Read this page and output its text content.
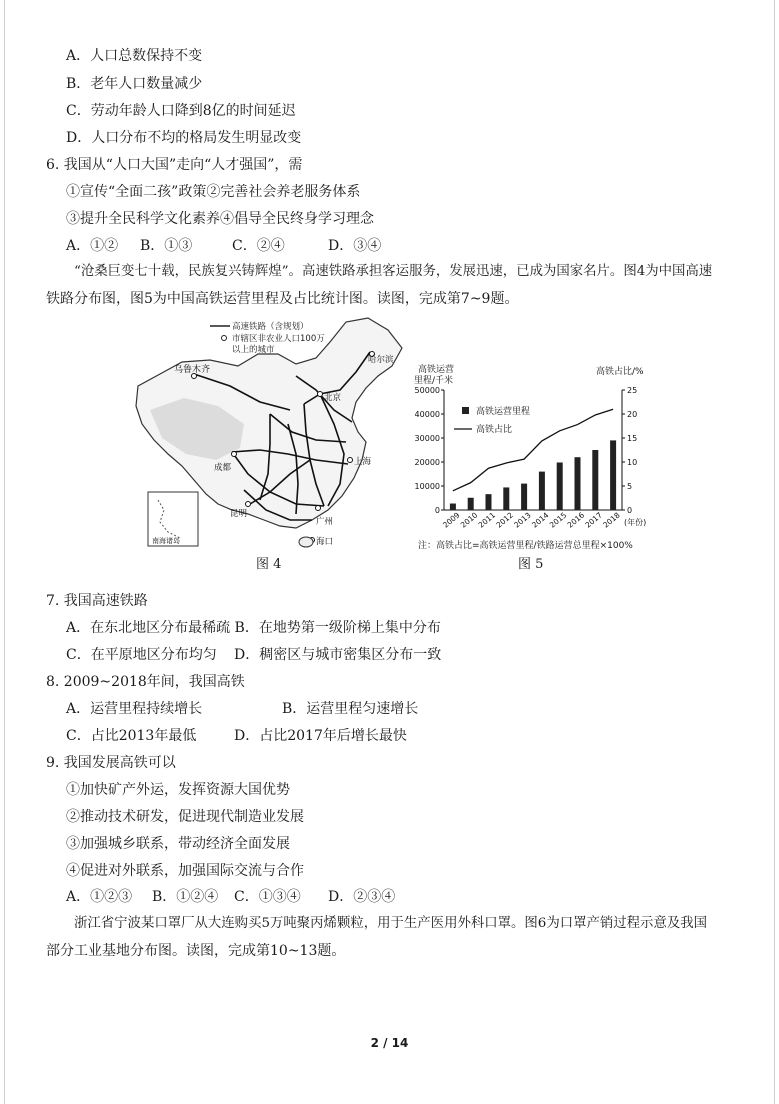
A．人口总数保持不变
B．老年人口数量减少
C．劳动年龄人口降到8亿的时间延迟
D．人口分布不均的格局发生明显改变
6. 我国从“人口大国”走向“人才强国”，需
①宣传“全面二孩”政策②完善社会养老服务体系
③提升全民科学文化素养④倡导全民终身学习理念
A．①② B．①③	C．②④	D．③④
“沧桑巨变七十载，民族复兴铸辉煌”。高速铁路承担客运服务，发展迅速，已成为国家名片。图4为中国高速
铁路分布图，图5为中国高铁运营里程及占比统计图。读图，完成第7~9题。
高速铁路（含规划）
市辖区非农业人口100万
以上的城市
乌鲁木齐
哈尔滨
北京
上海
成都
昆明
广州
海口
南海诸岛
图 4
高铁运营
里程/千米
高铁占比/%
0
10000
20000
30000
40000
50000
0
5
10
15
20
25
2009
2010
2011
2012
2013
2014
2015
2016
2017
2018
高铁运营里程
高铁占比
(年份)
注：高铁占比=高铁运营里程/铁路运营总里程×100%
图 5
7. 我国高速铁路
A．在东北地区分布最稀疏 B．在地势第一级阶梯上集中分布
C．在平原地区分布均匀 D．稠密区与城市密集区分布一致
8. 2009~2018年间，我国高铁
A．运营里程持续增长	B．运营里程匀速增长
C．占比2013年最低	D．占比2017年后增长最快
9. 我国发展高铁可以
①加快矿产外运，发挥资源大国优势
②推动技术研发，促进现代制造业发展
③加强城乡联系，带动经济全面发展
④促进对外联系，加强国际交流与合作
A．①②③ B．①②④ C．①③④ D．②③④
浙江省宁波某口罩厂从大连购买5万吨聚丙烯颗粒，用于生产医用外科口罩。图6为口罩产销过程示意及我国
部分工业基地分布图。读图，完成第10~13题。
2 / 14
